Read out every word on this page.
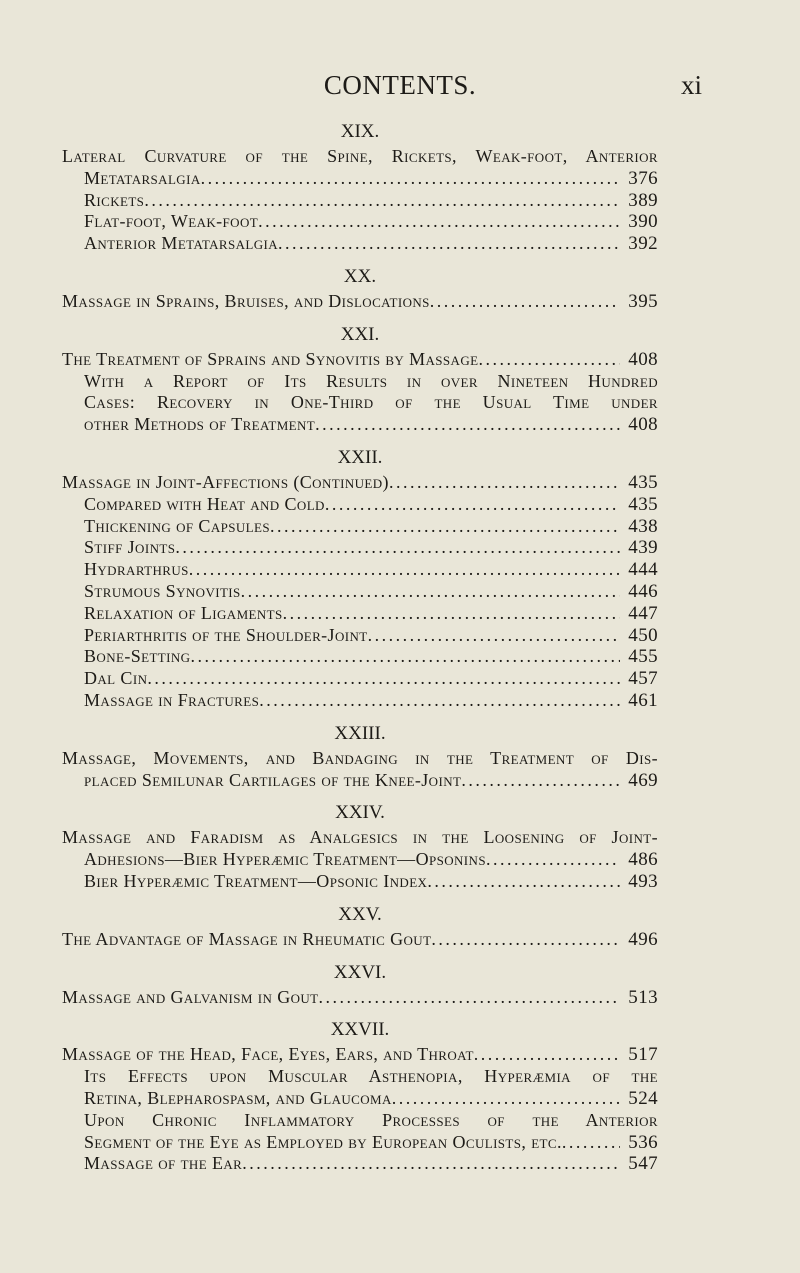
CONTENTS.	xi
XIX.
Lateral Curvature of the Spine, Rickets, Weak-foot, Anterior
Metatarsalgia . . .	376
Rickets . . .	389
Flat-foot, Weak-foot . . .	390
Anterior Metatarsalgia . . .	392
XX.
Massage in Sprains, Bruises, and Dislocations . . .	395
XXI.
The Treatment of Sprains and Synovitis by Massage . . .	408
With a Report of Its Results in over Nineteen Hundred
Cases: Recovery in One-Third of the Usual Time under
other Methods of Treatment . . .	408
XXII.
Massage in Joint-Affections (Continued) . . .	435
Compared with Heat and Cold . . .	435
Thickening of Capsules . . .	438
Stiff Joints . . .	439
Hydrarthrus . . .	444
Strumous Synovitis . . .	446
Relaxation of Ligaments . . .	447
Periarthritis of the Shoulder-Joint . . .	450
Bone-Setting . . .	455
Dal Cin . . .	457
Massage in Fractures . . .	461
XXIII.
Massage, Movements, and Bandaging in the Treatment of Dis-
placed Semilunar Cartilages of the Knee-Joint . . .	469
XXIV.
Massage and Faradism as Analgesics in the Loosening of Joint-
Adhesions—Bier Hyperæmic Treatment—Opsonins . . .	486
Bier Hyperæmic Treatment—Opsonic Index . . .	493
XXV.
The Advantage of Massage in Rheumatic Gout . . .	496
XXVI.
Massage and Galvanism in Gout . . .	513
XXVII.
Massage of the Head, Face, Eyes, Ears, and Throat . . .	517
Its Effects upon Muscular Asthenopia, Hyperæmia of the
Retina, Blepharospasm, and Glaucoma . . .	524
Upon Chronic Inflammatory Processes of the Anterior
Segment of the Eye as Employed by European Oculists, etc. . . .	536
Massage of the Ear . . .	547
